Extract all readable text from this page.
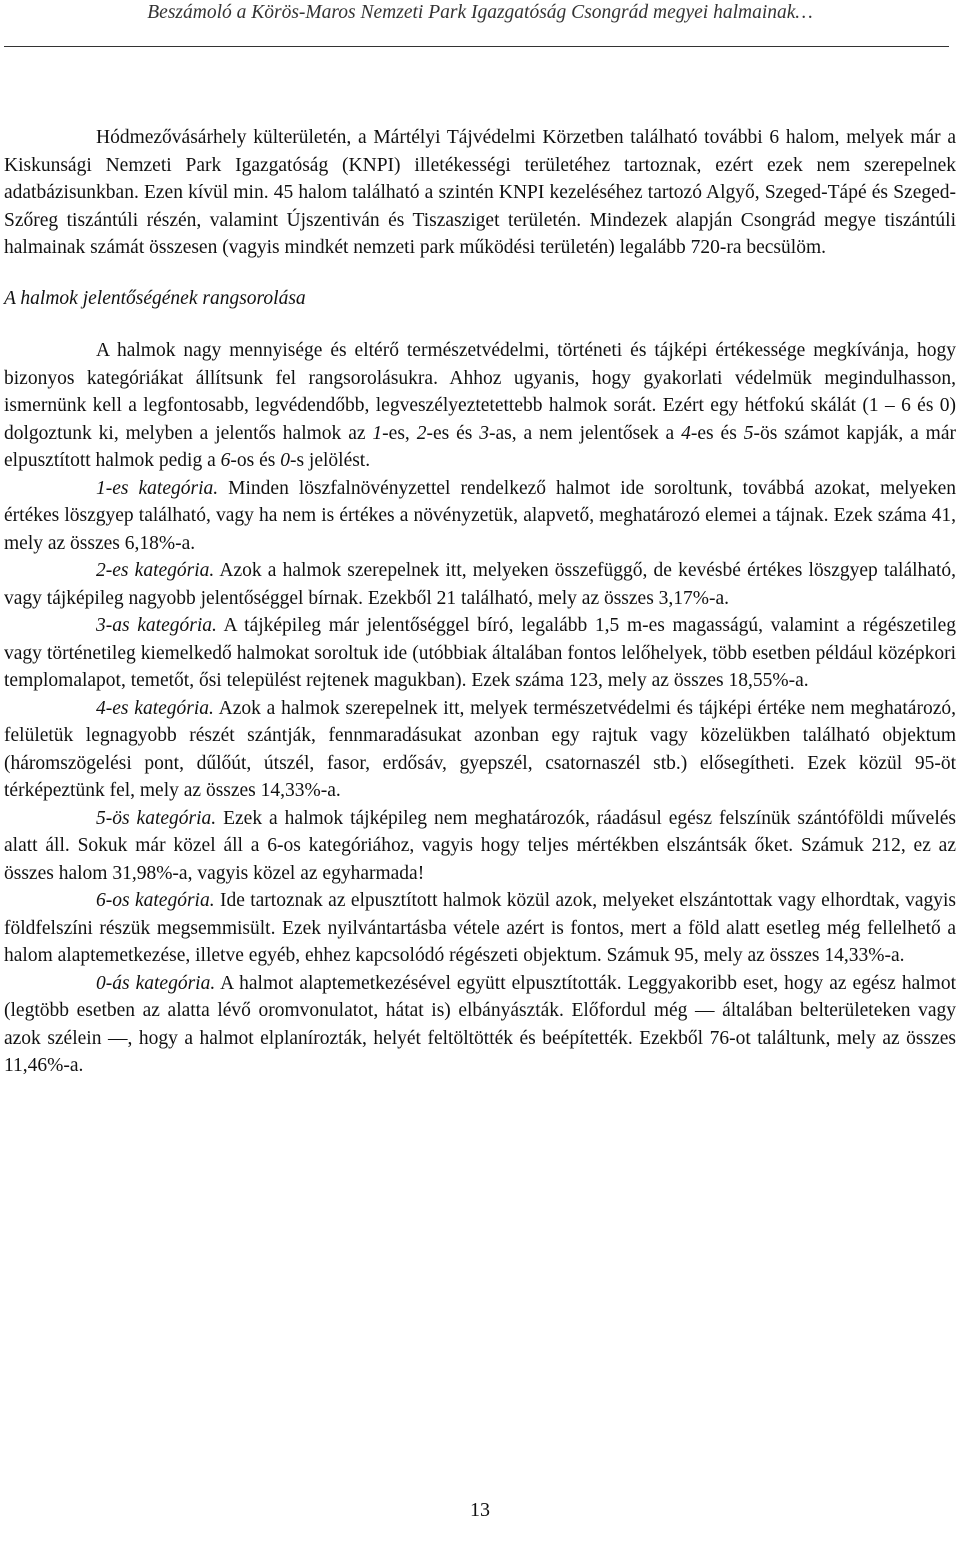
Beszámoló a Körös-Maros Nemzeti Park Igazgatóság Csongrád megyei halmainak…

Hódmezővásárhely külterületén, a Mártélyi Tájvédelmi Körzetben található további 6 halom, melyek már a Kiskunsági Nemzeti Park Igazgatóság (KNPI) illetékességi területéhez tartoznak, ezért ezek nem szerepelnek adatbázisunkban. Ezen kívül min. 45 halom található a szintén KNPI kezeléséhez tartozó Algyő, Szeged-Tápé és Szeged-Szőreg tiszántúli részén, valamint Újszentiván és Tiszasziget területén. Mindezek alapján Csongrád megye tiszántúli halmainak számát összesen (vagyis mindkét nemzeti park működési területén) legalább 720-ra becsülöm.

A halmok jelentőségének rangsorolása

A halmok nagy mennyisége és eltérő természetvédelmi, történeti és tájképi értékessége megkívánja, hogy bizonyos kategóriákat állítsunk fel rangsorolásukra. Ahhoz ugyanis, hogy gyakorlati védelmük megindulhasson, ismernünk kell a legfontosabb, legvédendőbb, legveszélyeztetettebb halmok sorát. Ezért egy hétfokú skálát (1 – 6 és 0) dolgoztunk ki, melyben a jelentős halmok az 1-es, 2-es és 3-as, a nem jelentősek a 4-es és 5-ös számot kapják, a már elpusztított halmok pedig a 6-os és 0-s jelölést.

1-es kategória. Minden löszfalnövényzettel rendelkező halmot ide soroltunk, továbbá azokat, melyeken értékes löszgyep található, vagy ha nem is értékes a növényzetük, alapvető, meghatározó elemei a tájnak. Ezek száma 41, mely az összes 6,18%-a.

2-es kategória. Azok a halmok szerepelnek itt, melyeken összefüggő, de kevésbé értékes löszgyep található, vagy tájképileg nagyobb jelentőséggel bírnak. Ezekből 21 található, mely az összes 3,17%-a.

3-as kategória. A tájképileg már jelentőséggel bíró, legalább 1,5 m-es magasságú, valamint a régészetileg vagy történetileg kiemelkedő halmokat soroltuk ide (utóbbiak általában fontos lelőhelyek, több esetben például középkori templomalapot, temetőt, ősi települést rejtenek magukban). Ezek száma 123, mely az összes 18,55%-a.

4-es kategória. Azok a halmok szerepelnek itt, melyek természetvédelmi és tájképi értéke nem meghatározó, felületük legnagyobb részét szántják, fennmaradásukat azonban egy rajtuk vagy közelükben található objektum (háromszögelési pont, dűlőút, útszél, fasor, erdősáv, gyepszél, csatornaszél stb.) elősegítheti. Ezek közül 95-öt térképeztünk fel, mely az összes 14,33%-a.

5-ös kategória. Ezek a halmok tájképileg nem meghatározók, ráadásul egész felszínük szántóföldi művelés alatt áll. Sokuk már közel áll a 6-os kategóriához, vagyis hogy teljes mértékben elszántsák őket. Számuk 212, ez az összes halom 31,98%-a, vagyis közel az egyharmada!

6-os kategória. Ide tartoznak az elpusztított halmok közül azok, melyeket elszántottak vagy elhordtak, vagyis földfelszíni részük megsemmisült. Ezek nyilvántartásba vétele azért is fontos, mert a föld alatt esetleg még fellelhető a halom alaptemetkezése, illetve egyéb, ehhez kapcsolódó régészeti objektum. Számuk 95, mely az összes 14,33%-a.

0-ás kategória. A halmot alaptemetkezésével együtt elpusztították. Leggyakoribb eset, hogy az egész halmot (legtöbb esetben az alatta lévő oromvonulatot, hátat is) elbányászták. Előfordul még — általában belterületeken vagy azok szélein —, hogy a halmot elplanírozták, helyét feltöltötték és beépítették. Ezekből 76-ot találtunk, mely az összes 11,46%-a.

13
